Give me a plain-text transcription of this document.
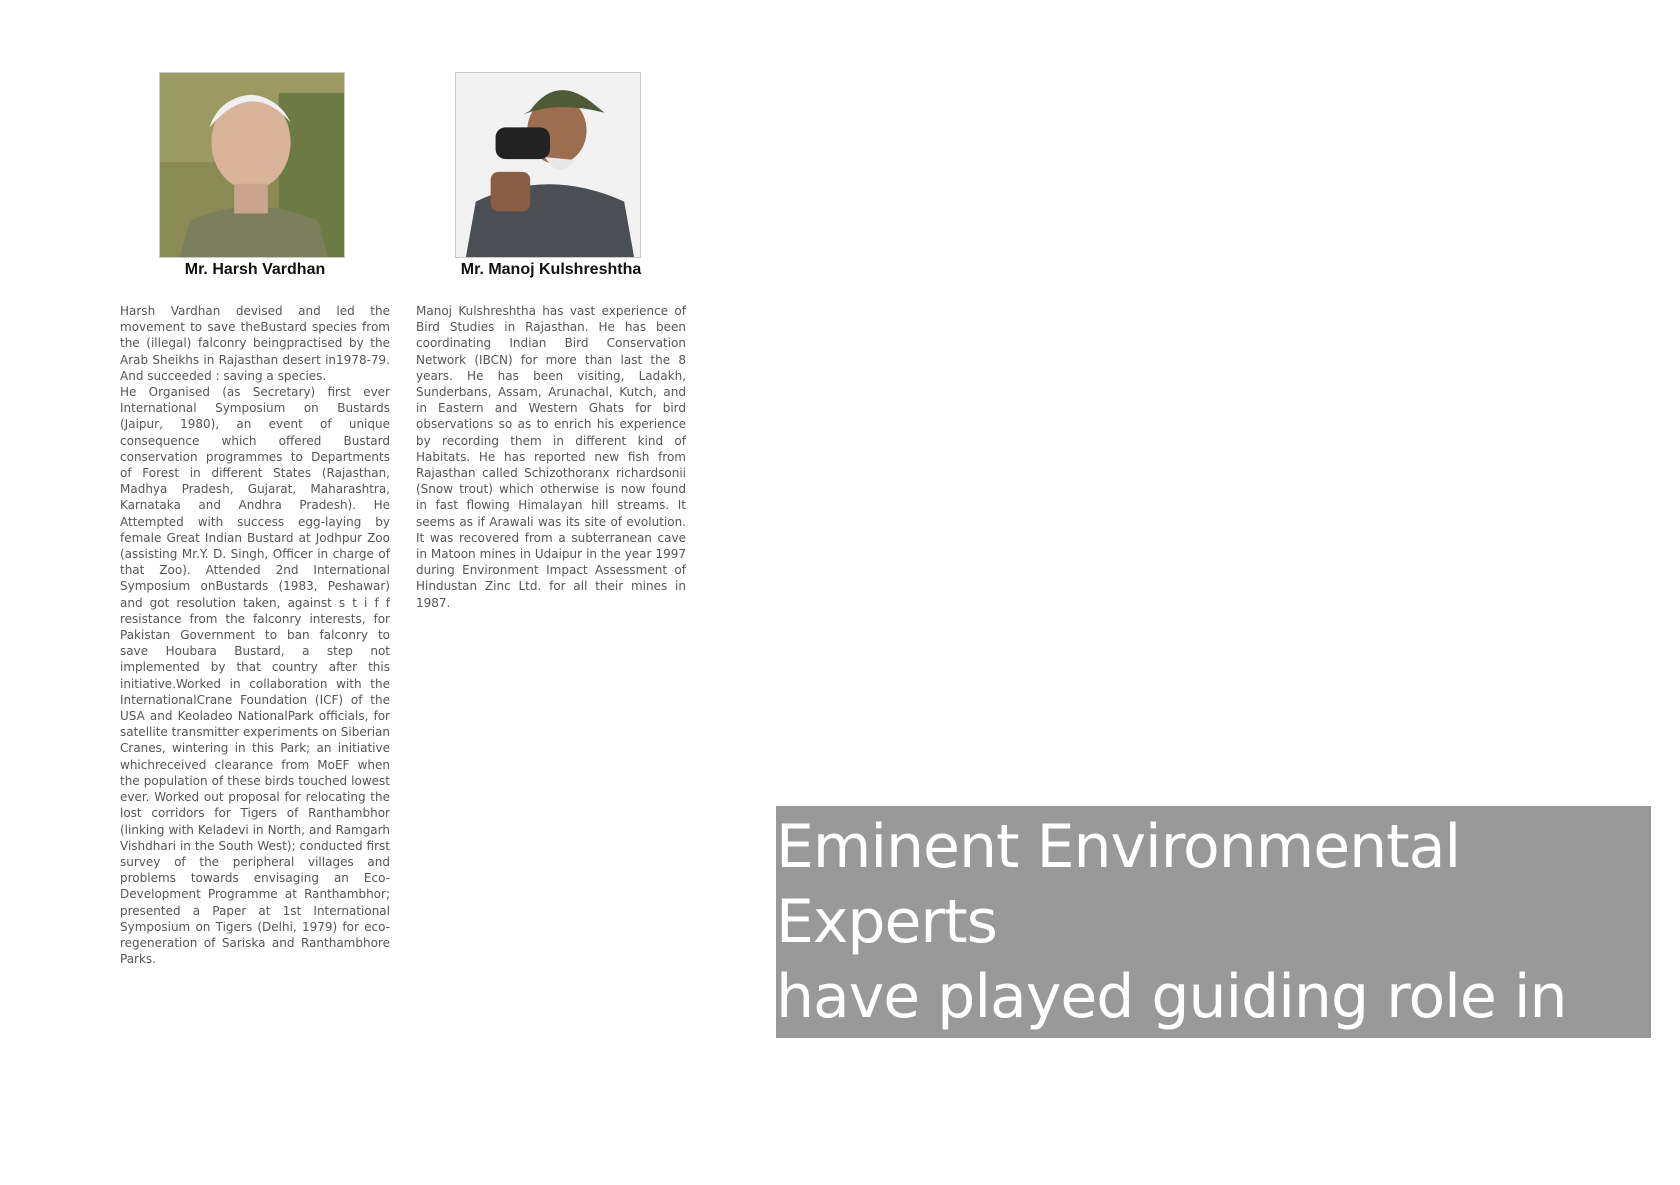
Mr. Harsh Vardhan

Harsh Vardhan devised and led the movement to save theBustard species from the (illegal) falconry beingpractised by the Arab Sheikhs in Rajasthan desert in1978-79. And succeeded : saving a species.

He Organised (as Secretary) first ever International Symposium on Bustards (Jaipur, 1980), an event of unique consequence which offered Bustard conservation programmes to Departments of Forest in different States (Rajasthan, Madhya Pradesh, Gujarat, Maharashtra, Karnataka and Andhra Pradesh). He Attempted with success egg-laying by female Great Indian Bustard at Jodhpur Zoo (assisting Mr.Y. D. Singh, Officer in charge of that Zoo). Attended 2nd International Symposium onBustards (1983, Peshawar) and got resolution taken, against s t i f f resistance from the falconry interests, for Pakistan Government to ban falconry to save Houbara Bustard, a step not implemented by that country after this initiative.Worked in collaboration with the InternationalCrane Foundation (ICF) of the USA and Keoladeo NationalPark officials, for satellite transmitter experiments on Siberian Cranes, wintering in this Park; an initiative whichreceived clearance from MoEF when the population of these birds touched lowest ever. Worked out proposal for relocating the lost corridors for Tigers of Ranthambhor (linking with Keladevi in North, and Ramgarh Vishdhari in the South West); conducted first survey of the peripheral villages and problems towards envisaging an Eco-Development Programme at Ranthambhor; presented a Paper at 1st International Symposium on Tigers (Delhi, 1979) for eco-regeneration of Sariska and Ranthambhore Parks.

Mr. Manoj Kulshreshtha

Manoj Kulshreshtha has vast experience of Bird Studies in Rajasthan. He has been coordinating Indian Bird Conservation Network (IBCN) for more than last the 8 years. He has been visiting, Ladakh, Sunderbans, Assam, Arunachal, Kutch, and in Eastern and Western Ghats for bird observations so as to enrich his experience by recording them in different kind of Habitats. He has reported new fish from Rajasthan called Schizothoranx richardsonii (Snow trout) which otherwise is now found in fast flowing Himalayan hill streams. It seems as if Arawali was its site of evolution. It was recovered from a subterranean cave in Matoon mines in Udaipur in the year 1997 during Environment Impact Assessment of Hindustan Zinc Ltd. for all their mines in 1987.

Eminent Environmental Experts
have played guiding role in revival
of Mansagar lake
